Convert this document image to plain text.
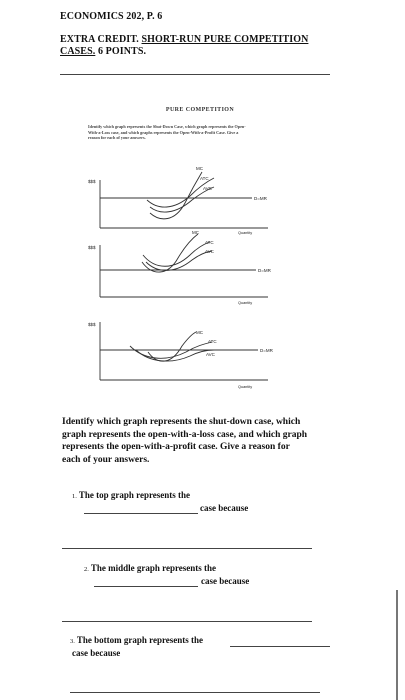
ECONOMICS 202, P. 6
EXTRA CREDIT. SHORT-RUN PURE COMPETITION
CASES. 6 POINTS.
PURE COMPETITION
Identify which graph represents the Shut-Down Case, which graph represents the Open-
With-a-Loss case, and which graphs represents the Open-With-a-Profit Case. Give a
reason for each of your answers.
$$$
MC
ATC
AVC
D=MR
Quantity
$$$
MC
ATC
AVC
D=MR
Quantity
$$$
MC
ATC
AVC
D=MR
Quantity
Identify which graph represents the shut-down case, which
graph represents the open-with-a-loss case, and which graph
represents the open-with-a-profit case. Give a reason for
each of your answers.
1. The top graph represents the
case because
2. The middle graph represents the
case because
3. The bottom graph represents the
case because
